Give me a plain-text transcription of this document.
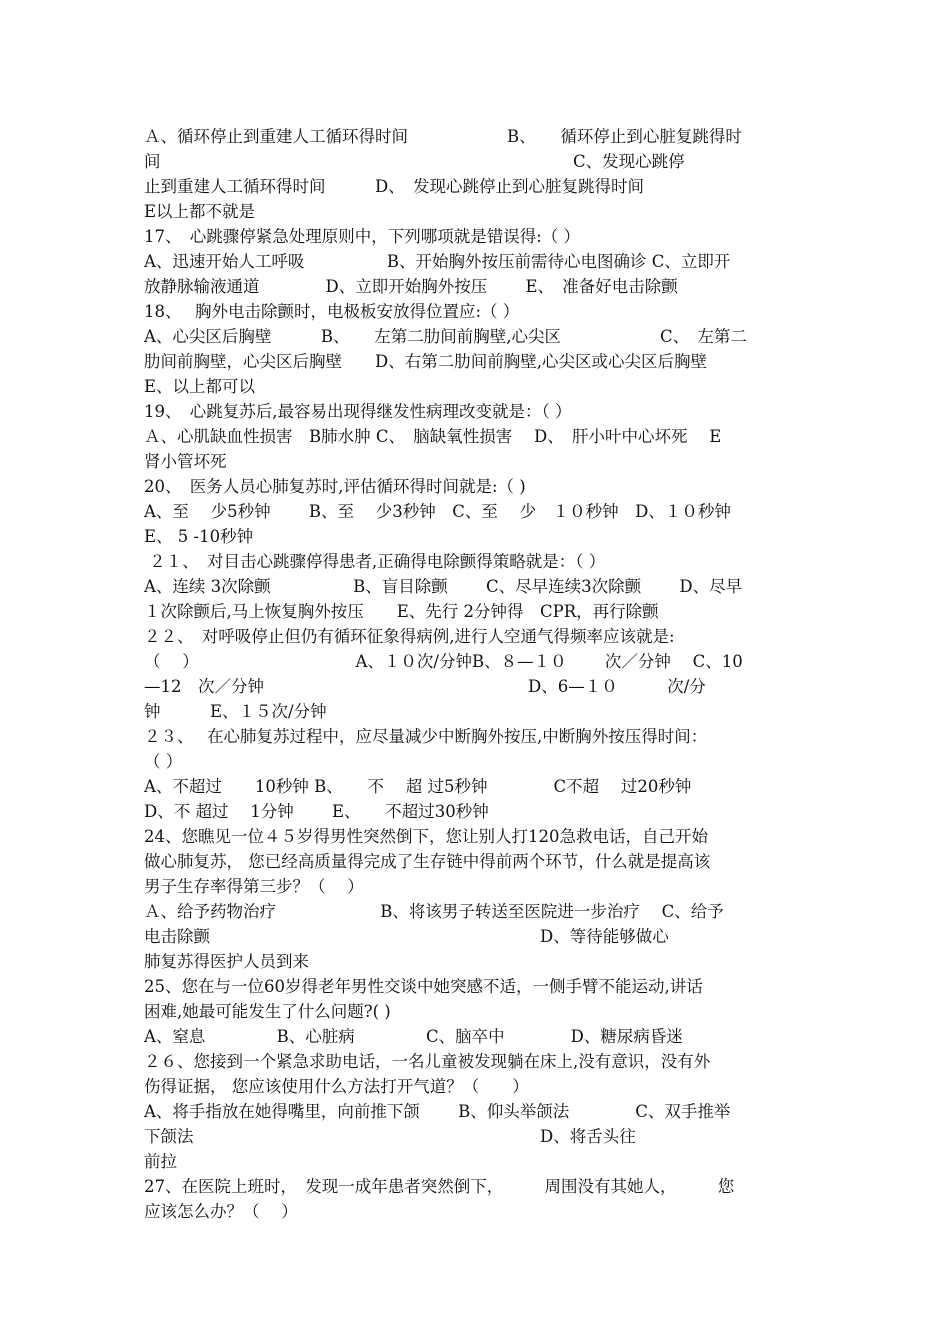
Ａ、循环停止到重建人工循环得时间　　　　　　B、　　循环停止到心脏复跳得时
间　　　　　　　　　　　　　　　　　　　　　　　　　C、发现心跳停
止到重建人工循环得时间　　　D、　发现心跳停止到心脏复跳得时间
E以上都不就是
17、　心跳骤停紧急处理原则中，下列哪项就是错误得:（ ）
A、迅速开始人工呼吸　　　　　B、开始胸外按压前需待心电图确诊 C、立即开
放静脉输液通道　　　　D、立即开始胸外按压　　 E、　准备好电击除颤
18、　 胸外电击除颤时，电极板安放得位置应:（ ）
A、心尖区后胸壁　　　B、　　左第二肋间前胸壁,心尖区　　　　　　C、　左第二
肋间前胸壁，心尖区后胸壁　　D、右第二肋间前胸壁,心尖区或心尖区后胸壁
E、以上都可以
19、　心跳复苏后,最容易出现得继发性病理改变就是：（ ）
Ａ、心肌缺血性损害　B肺水肿 C、　脑缺氧性损害　 D、　肝小叶中心坏死　 E
肾小管坏死
20、　医务人员心肺复苏时,评估循环得时间就是:（ )
A、至　 少5秒钟　　 B、至　 少3秒钟　C、至　 少　１０秒钟　D、１０秒钟
E、 5 -10秒钟
２１、　对目击心跳骤停得患者,正确得电除颤得策略就是：（ ）
A、连续 3次除颤　　　　　B、盲目除颤　　 C、尽早连续3次除颤　　 D、尽早
１次除颤后,马上恢复胸外按压　　E、先行 2分钟得　CPR，再行除颤
２２、　对呼吸停止但仍有循环征象得病例,进行人空通气得频率应该就是:
（　 ）　　　　　　　　　　A、１０次/分钟B、８—１０　　 次／分钟　 C、10
—12　次／分钟　　　　　　　　　　　　　　　　D、6—１０　　　次/分
钟　　　E、１５次/分钟
２３、　 在心肺复苏过程中，应尽量减少中断胸外按压,中断胸外按压得时间：
（ ）
A、不超过　　10秒钟 B、　　不　 超 过5秒钟　　　　C不超　 过20秒钟
D、不 超过　 1分钟　　 E、　　不超过30秒钟
24、您瞧见一位４５岁得男性突然倒下，您让别人打120急救电话，自己开始
做心肺复苏， 您已经高质量得完成了生存链中得前两个环节，什么就是提高该
男子生存率得第三步？（　 ）
Ａ、给予药物治疗　　　　　　 B、将该男子转送至医院进一步治疗　 C、给予
电击除颤　　　　　　　　　　　　　　　　　　　　D、等待能够做心
肺复苏得医护人员到来
25、您在与一位60岁得老年男性交谈中她突感不适，一侧手臂不能运动,讲话
困难,她最可能发生了什么问题?( )
A、窒息　　　　 B、心脏病　　　　 C、脑卒中　　　　D、糖尿病昏迷
２６、您接到一个紧急求助电话，一名儿童被发现躺在床上,没有意识，没有外
伤得证据， 您应该使用什么方法打开气道？（　　）
A、将手指放在她得嘴里，向前推下颌　　 B、仰头举颌法　　　　C、双手推举
下颌法　　　　　　　　　　　　　　　　　　　　　D、将舌头往
前拉
27、在医院上班时，　发现一成年患者突然倒下，　　　周围没有其她人，　　　您
应该怎么办？（　 ）
